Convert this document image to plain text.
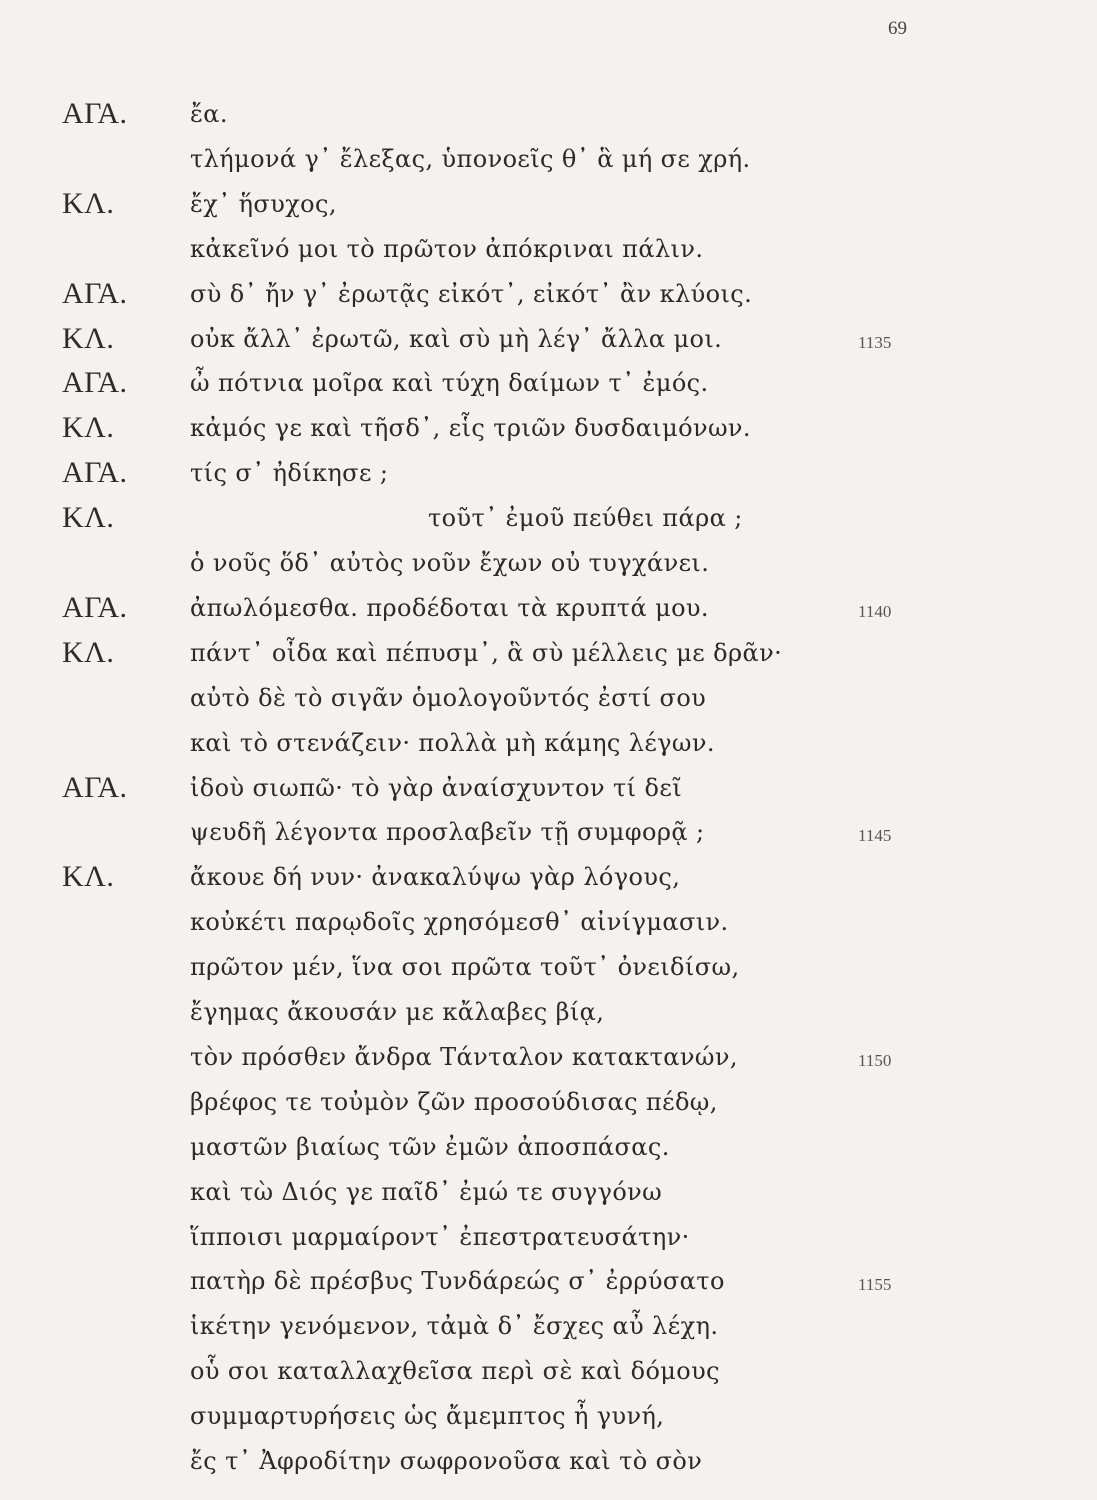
69
ΑΓΑ.	ἔα.
τλήμονά γ᾽ ἔλεξας, ὑπονοεῖς θ᾽ ἃ μή σε χρή.
ΚΛ.	ἔχ᾽ ἥσυχος,
κἀκεῖνό μοι τὸ πρῶτον ἀπόκριναι πάλιν.
ΑΓΑ.	σὺ δ᾽ ἤν γ᾽ ἐρωτᾷς εἰκότ᾽, εἰκότ᾽ ἂν κλύοις.
ΚΛ.	οὐκ ἄλλ᾽ ἐρωτῶ, καὶ σὺ μὴ λέγ᾽ ἄλλα μοι.	1135
ΑΓΑ.	ὦ πότνια μοῖρα καὶ τύχη δαίμων τ᾽ ἐμός.
ΚΛ.	κἀμός γε καὶ τῆσδ᾽, εἷς τριῶν δυσδαιμόνων.
ΑΓΑ.	τίς σ᾽ ἠδίκησε ;
ΚΛ.	τοῦτ᾽ ἐμοῦ πεύθει πάρα ;
ὁ νοῦς ὅδ᾽ αὐτὸς νοῦν ἔχων οὐ τυγχάνει.
ΑΓΑ.	ἀπωλόμεσθα. προδέδοται τὰ κρυπτά μου.	1140
ΚΛ.	πάντ᾽ οἶδα καὶ πέπυσμ᾽, ἃ σὺ μέλλεις με δρᾶν·
αὐτὸ δὲ τὸ σιγᾶν ὁμολογοῦντός ἐστί σου
καὶ τὸ στενάζειν· πολλὰ μὴ κάμης λέγων.
ΑΓΑ.	ἰδοὺ σιωπῶ· τὸ γὰρ ἀναίσχυντον τί δεῖ
ψευδῆ λέγοντα προσλαβεῖν τῇ συμφορᾷ ;	1145
ΚΛ.	ἄκουε δή νυν· ἀνακαλύψω γὰρ λόγους,
κοὐκέτι παρῳδοῖς χρησόμεσθ᾽ αἰνίγμασιν.
πρῶτον μέν, ἵνα σοι πρῶτα τοῦτ᾽ ὀνειδίσω,
ἔγημας ἄκουσάν με κἄλαβες βίᾳ,
τὸν πρόσθεν ἄνδρα Τάνταλον κατακτανών,	1150
βρέφος τε τοὐμὸν ζῶν προσούδισας πέδῳ,
μαστῶν βιαίως τῶν ἐμῶν ἀποσπάσας.
καὶ τὼ Διός γε παῖδ᾽ ἐμώ τε συγγόνω
ἵπποισι μαρμαίροντ᾽ ἐπεστρατευσάτην·
πατὴρ δὲ πρέσβυς Τυνδάρεώς σ᾽ ἐρρύσατο	1155
ἱκέτην γενόμενον, τἀμὰ δ᾽ ἔσχες αὖ λέχη.
οὗ σοι καταλλαχθεῖσα περὶ σὲ καὶ δόμους
συμμαρτυρήσεις ὡς ἄμεμπτος ἦ γυνή,
ἔς τ᾽ Ἀφροδίτην σωφρονοῦσα καὶ τὸ σὸν
